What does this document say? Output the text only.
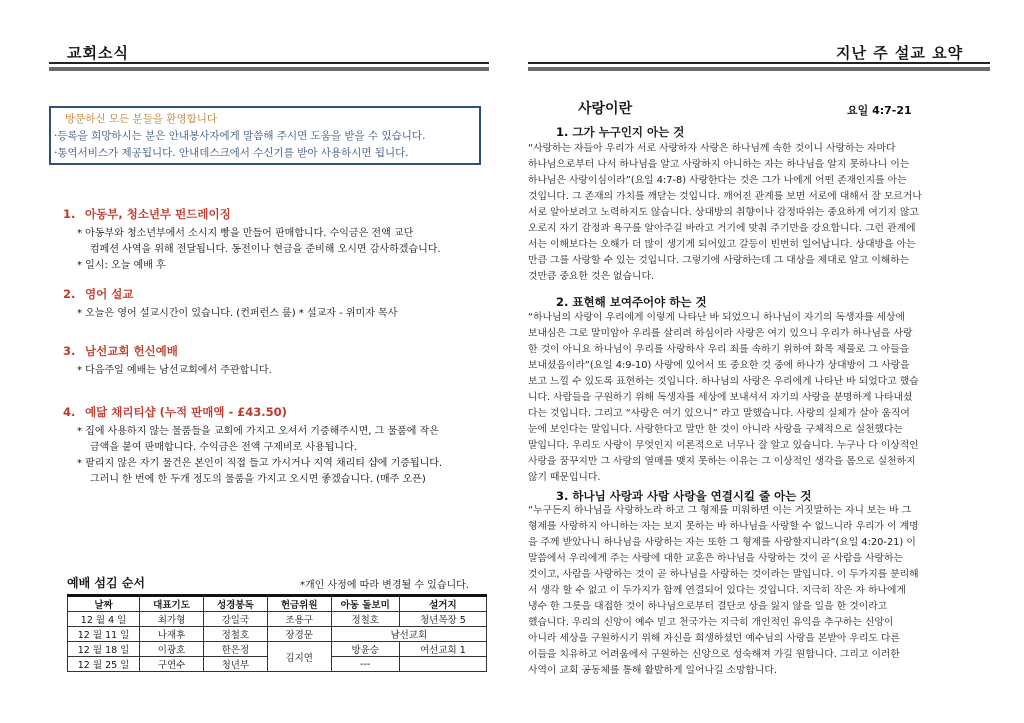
교회소식
방문하신 모든 분들을 환영합니다
·등록을 희망하시는 분은 안내봉사자에게 말씀해 주시면 도움을 받을 수 있습니다.
·통역서비스가 제공됩니다. 안내데스크에서 수신기를 받아 사용하시면 됩니다.
1. 아동부, 청소년부 펀드레이징
* 아동부와 청소년부에서 소시지 빵을 만들어 판매합니다. 수익금은 전액 교단
컴페션 사역을 위해 전달됩니다. 동전이나 현금을 준비해 오시면 감사하겠습니다.
* 일시: 오늘 예배 후
2. 영어 설교
* 오늘은 영어 설교시간이 있습니다. (컨퍼런스 룸) * 설교자 - 위미자 목사
3. 남선교회 헌신예배
* 다음주일 예배는 남선교회에서 주관합니다.
4. 예닮 채리티샵 (누적 판매액 - £43.50)
* 집에 사용하지 않는 물품들을 교회에 가지고 오셔서 기증해주시면, 그 물품에 작은
금액을 붙여 판매합니다. 수익금은 전액 구제비로 사용됩니다.
* 팔리지 않은 자기 물건은 본인이 직접 들고 가시거나 지역 채리티 샵에 기증됩니다.
그러니 한 번에 한 두개 정도의 물품을 가지고 오시면 좋겠습니다. (매주 오픈)
예배 섬김 순서	*개인 사정에 따라 변경될 수 있습니다.
날짜	대표기도	성경봉독	헌금위원	아동 돌보미	설거지
12 월 4 일	최가형	강일국	조용구	정철호	청년목장 5
12 월 11 일	나재후	정철호	장경문	남선교회	
12 월 18 일	이광호	한은정	김지연	방윤승	여선교회 1
12 월 25 일	구연수	청년부		---	
지난 주 설교 요약
사랑이란	요일 4:7-21
1. 그가 누구인지 아는 것
“사랑하는 자들아 우리가 서로 사랑하자 사랑은 하나님께 속한 것이니 사랑하는 자마다
하나님으로부터 나서 하나님을 알고 사랑하지 아니하는 자는 하나님을 알지 못하나니 이는
하나님은 사랑이심이라”(요일 4:7-8) 사랑한다는 것은 그가 나에게 어떤 존재인지를 아는
것입니다. 그 존재의 가치를 깨닫는 것입니다. 깨어진 관계를 보면 서로에 대해서 잘 모르거나
서로 알아보려고 노력하지도 않습니다. 상대방의 취향이나 감정따위는 중요하게 여기지 않고
오로지 자기 감정과 욕구를 알아주길 바라고 거기에 맞춰 주기만을 강요합니다. 그런 관계에
서는 이해보다는 오해가 더 많이 생기게 되어있고 갈등이 빈번히 일어납니다. 상대방을 아는
만큼 그를 사랑할 수 있는 것입니다. 그렇기에 사랑하는데 그 대상을 제대로 알고 이해하는
것만큼 중요한 것은 없습니다.
2. 표현해 보여주어야 하는 것
“하나님의 사랑이 우리에게 이렇게 나타난 바 되었으니 하나님이 자기의 독생자를 세상에
보내심은 그로 말미암아 우리를 살리려 하심이라 사랑은 여기 있으니 우리가 하나님을 사랑
한 것이 아니요 하나님이 우리를 사랑하사 우리 죄를 속하기 위하여 화목 제물로 그 아들을
보내셨음이라”(요일 4:9-10) 사랑에 있어서 또 중요한 것 중에 하나가 상대방이 그 사랑을
보고 느낄 수 있도록 표현하는 것입니다. 하나님의 사랑은 우리에게 나타난 바 되었다고 했습
니다. 사람들을 구원하기 위해 독생자를 세상에 보내셔서 자기의 사랑을 분명하게 나타내셨
다는 것입니다. 그리고 “사랑은 여기 있으니” 라고 말했습니다. 사랑의 실체가 살아 움직여
눈에 보인다는 말입니다. 사랑한다고 말만 한 것이 아니라 사랑을 구체적으로 실천했다는
말입니다. 우리도 사랑이 무엇인지 이론적으로 너무나 잘 알고 있습니다. 누구나 다 이상적인
사랑을 꿈꾸지만 그 사랑의 열매를 맺지 못하는 이유는 그 이상적인 생각을 몸으로 실천하지
않기 때문입니다.
3. 하나님 사랑과 사람 사랑을 연결시킬 줄 아는 것
“누구든지 하나님을 사랑하노라 하고 그 형제를 미워하면 이는 거짓말하는 자니 보는 바 그
형제를 사랑하지 아니하는 자는 보지 못하는 바 하나님을 사랑할 수 없느니라 우리가 이 계명
을 주께 받았나니 하나님을 사랑하는 자는 또한 그 형제를 사랑할지니라”(요일 4:20-21) 이
말씀에서 우리에게 주는 사랑에 대한 교훈은 하나님을 사랑하는 것이 곧 사람을 사랑하는
것이고, 사람을 사랑하는 것이 곧 하나님을 사랑하는 것이라는 말입니다. 이 두가지를 분리해
서 생각 할 수 없고 이 두가지가 함께 연결되어 있다는 것입니다. 지극히 작은 자 하나에게
냉수 한 그릇을 대접한 것이 하나님으로부터 결단코 상을 잃지 않을 일을 한 것이라고
했습니다. 우리의 신앙이 예수 믿고 천국가는 지극히 개인적인 유익을 추구하는 신앙이
아니라 세상을 구원하시기 위해 자신을 희생하셨던 예수님의 사랑을 본받아 우리도 다른
이들을 치유하고 어려움에서 구원하는 신앙으로 성숙해져 가길 원합니다. 그리고 이러한
사역이 교회 공동체를 통해 활발하게 일어나길 소망합니다.
